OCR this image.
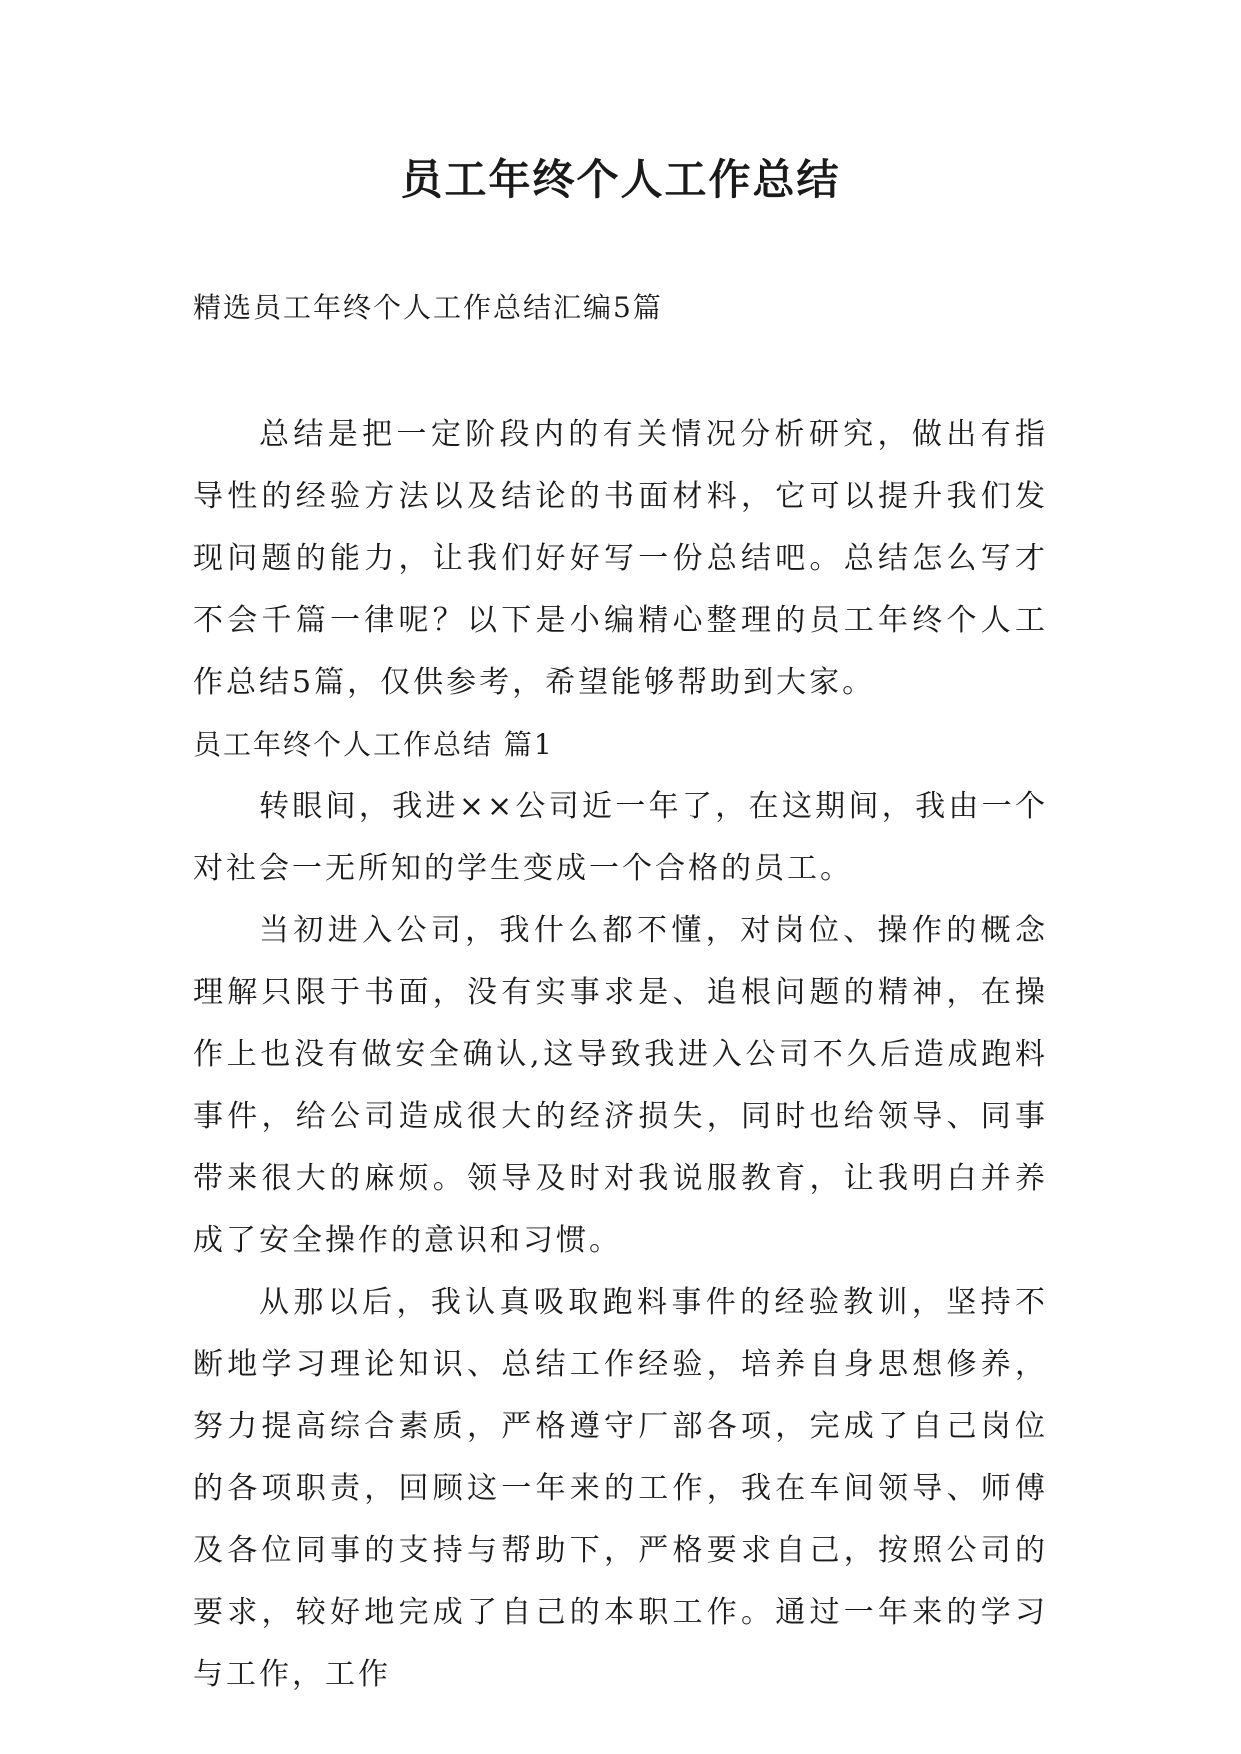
员工年终个人工作总结
精选员工年终个人工作总结汇编5篇

总结是把一定阶段内的有关情况分析研究，做出有指导性的经验方法以及结论的书面材料，它可以提升我们发现问题的能力，让我们好好写一份总结吧。总结怎么写才不会千篇一律呢？以下是小编精心整理的员工年终个人工作总结5篇，仅供参考，希望能够帮助到大家。

员工年终个人工作总结 篇1

转眼间，我进××公司近一年了，在这期间，我由一个对社会一无所知的学生变成一个合格的员工。

当初进入公司，我什么都不懂，对岗位、操作的概念理解只限于书面，没有实事求是、追根问题的精神，在操作上也没有做安全确认,这导致我进入公司不久后造成跑料事件，给公司造成很大的经济损失，同时也给领导、同事带来很大的麻烦。领导及时对我说服教育，让我明白并养成了安全操作的意识和习惯。

从那以后，我认真吸取跑料事件的经验教训，坚持不断地学习理论知识、总结工作经验，培养自身思想修养，努力提高综合素质，严格遵守厂部各项，完成了自己岗位的各项职责，回顾这一年来的工作，我在车间领导、师傅及各位同事的支持与帮助下，严格要求自己，按照公司的要求，较好地完成了自己的本职工作。通过一年来的学习与工作，工作
